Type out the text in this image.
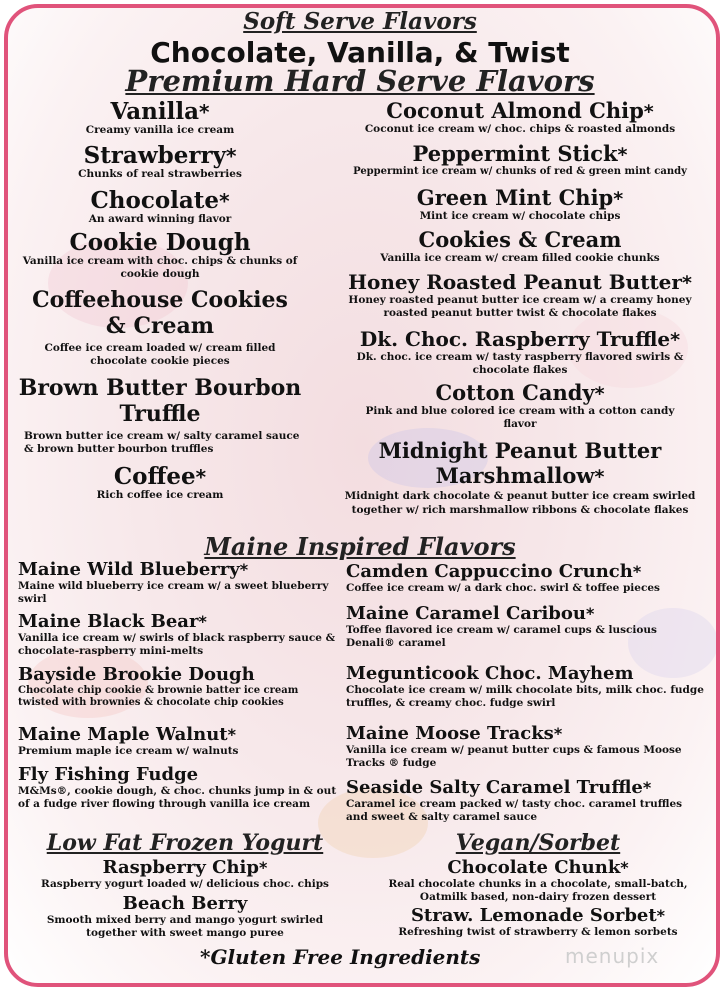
Soft Serve Flavors
Chocolate, Vanilla, & Twist
Premium Hard Serve Flavors
Vanilla*
Creamy vanilla ice cream
Strawberry*
Chunks of real strawberries
Chocolate*
An award winning flavor
Cookie Dough
Vanilla ice cream with choc. chips & chunks of cookie dough
Coffeehouse Cookies & Cream
Coffee ice cream loaded w/ cream filled chocolate cookie pieces
Brown Butter Bourbon Truffle
Brown butter ice cream w/ salty caramel sauce & brown butter bourbon truffles
Coffee*
Rich coffee ice cream
Coconut Almond Chip*
Coconut ice cream w/ choc. chips & roasted almonds
Peppermint Stick*
Peppermint ice cream w/ chunks of red & green mint candy
Green Mint Chip*
Mint ice cream w/ chocolate chips
Cookies & Cream
Vanilla ice cream w/ cream filled cookie chunks
Honey Roasted Peanut Butter*
Honey roasted peanut butter ice cream w/ a creamy honey roasted peanut butter twist & chocolate flakes
Dk. Choc. Raspberry Truffle*
Dk. choc. ice cream w/ tasty raspberry flavored swirls & chocolate flakes
Cotton Candy*
Pink and blue colored ice cream with a cotton candy flavor
Midnight Peanut Butter Marshmallow*
Midnight dark chocolate & peanut butter ice cream swirled together w/ rich marshmallow ribbons & chocolate flakes
Maine Inspired Flavors
Maine Wild Blueberry*
Maine wild blueberry ice cream w/ a sweet blueberry swirl
Maine Black Bear*
Vanilla ice cream w/ swirls of black raspberry sauce & chocolate-raspberry mini-melts
Bayside Brookie Dough
Chocolate chip cookie & brownie batter ice cream twisted with brownies & chocolate chip cookies
Maine Maple Walnut*
Premium maple ice cream w/ walnuts
Fly Fishing Fudge
M&Ms®, cookie dough, & choc. chunks jump in & out of a fudge river flowing through vanilla ice cream
Camden Cappuccino Crunch*
Coffee ice cream w/ a dark choc. swirl & toffee pieces
Maine Caramel Caribou*
Toffee flavored ice cream w/ caramel cups & luscious Denali® caramel
Megunticook Choc. Mayhem
Chocolate ice cream w/ milk chocolate bits, milk choc. fudge truffles, & creamy choc. fudge swirl
Maine Moose Tracks*
Vanilla ice cream w/ peanut butter cups & famous Moose Tracks ® fudge
Seaside Salty Caramel Truffle*
Caramel ice cream packed w/ tasty choc. caramel truffles and sweet & salty caramel sauce
Low Fat Frozen Yogurt
Raspberry Chip*
Raspberry yogurt loaded w/ delicious choc. chips
Beach Berry
Smooth mixed berry and mango yogurt swirled together with sweet mango puree
Vegan/Sorbet
Chocolate Chunk*
Real chocolate chunks in a chocolate, small-batch, Oatmilk based, non-dairy frozen dessert
Straw. Lemonade Sorbet*
Refreshing twist of strawberry & lemon sorbets
*Gluten Free Ingredients	menupix
